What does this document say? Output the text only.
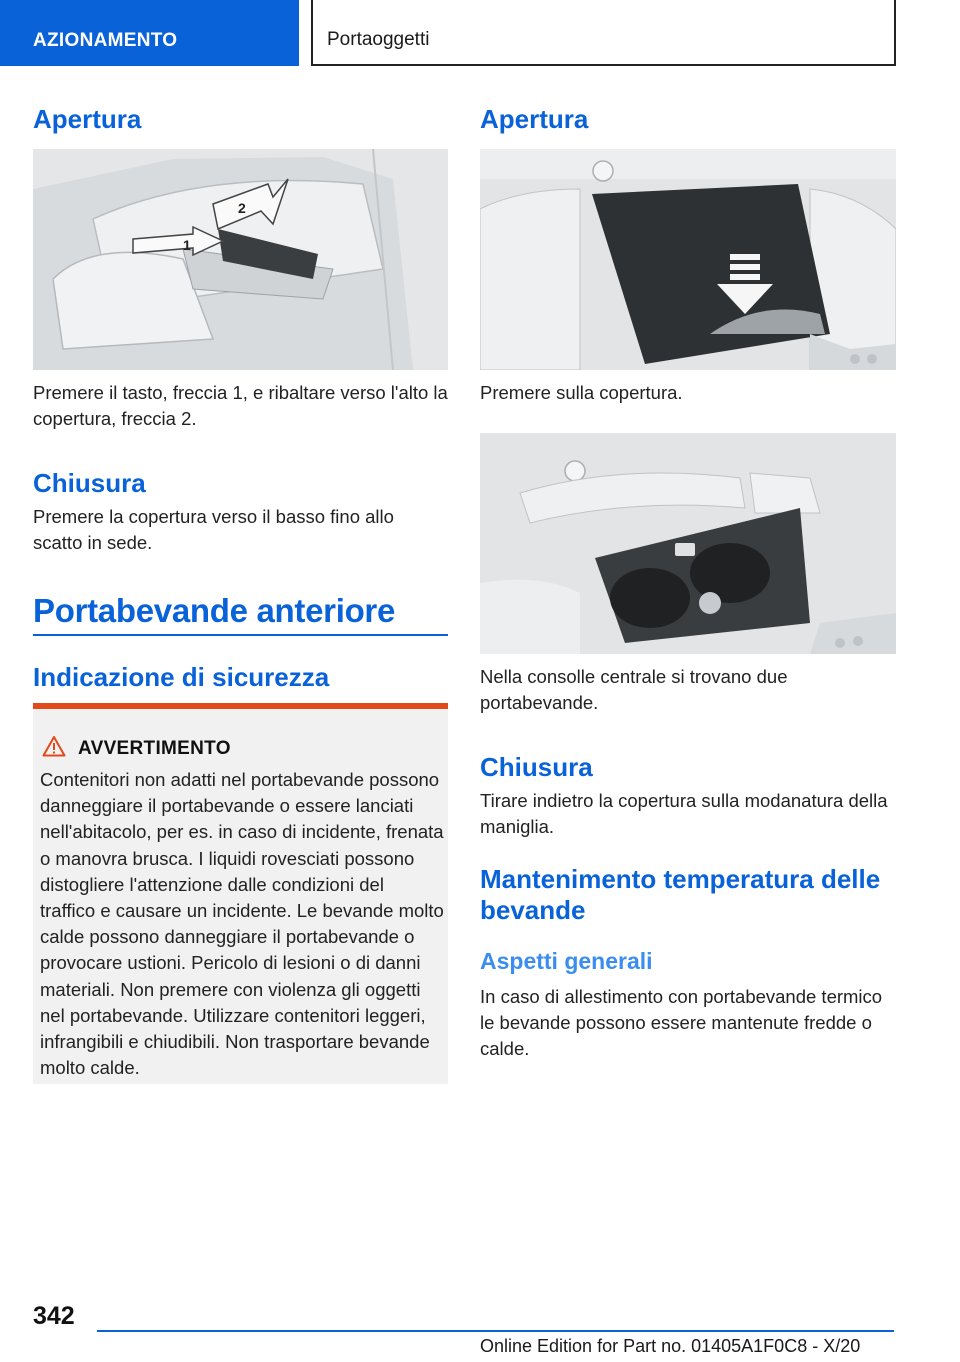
AZIONAMENTO	Portaoggetti
Apertura
1
2
Premere il tasto, freccia 1, e ribaltare verso l'alto la copertura, freccia 2.
Chiusura
Premere la copertura verso il basso fino allo scatto in sede.
Portabevande anteriore
Indicazione di sicurezza
AVVERTIMENTO
Contenitori non adatti nel portabevande possono danneggiare il portabevande o essere lanciati nell'abitacolo, per es. in caso di incidente, frenata o manovra brusca. I liquidi rovesciati possono distogliere l'attenzione dalle condizioni del traffico e causare un incidente. Le bevande molto calde possono danneggiare il portabevande o provocare ustioni. Pericolo di lesioni o di danni materiali. Non premere con violenza gli oggetti nel portabevande. Utilizzare contenitori leggeri, infrangibili e chiudibili. Non trasportare bevande molto calde.
Apertura
Premere sulla copertura.
Nella consolle centrale si trovano due portabevande.
Chiusura
Tirare indietro la copertura sulla modanatura della maniglia.
Mantenimento temperatura delle bevande
Aspetti generali
In caso di allestimento con portabevande termico le bevande possono essere mantenute fredde o calde.
342
Online Edition for Part no. 01405A1F0C8 - X/20
